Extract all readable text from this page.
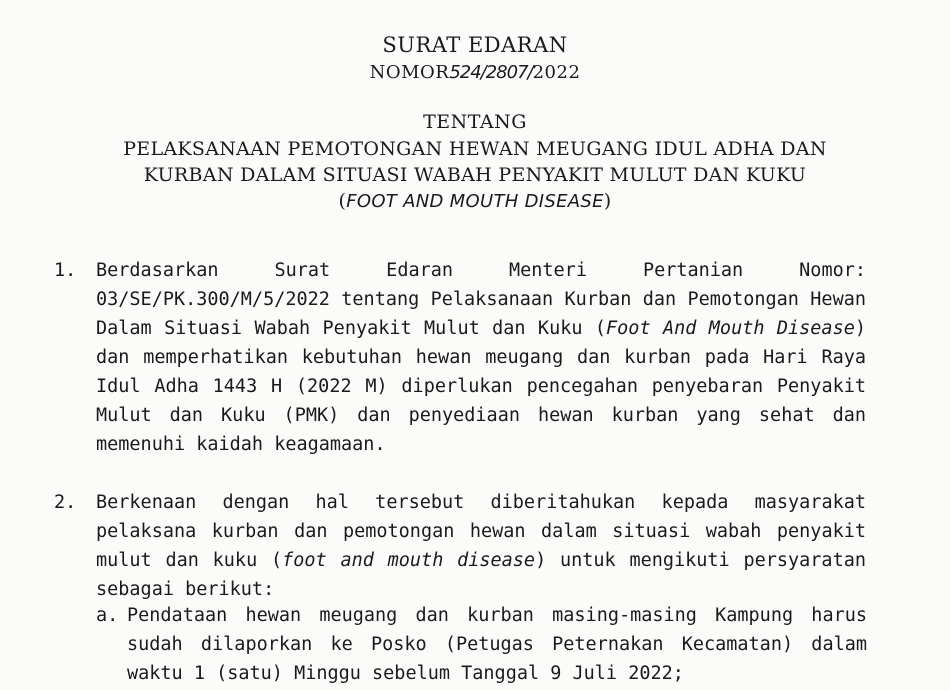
SURAT EDARAN
NOMOR524/2807/2022
TENTANG
PELAKSANAAN PEMOTONGAN HEWAN MEUGANG IDUL ADHA DAN
KURBAN DALAM SITUASI WABAH PENYAKIT MULUT DAN KUKU
(FOOT AND MOUTH DISEASE)
1. Berdasarkan Surat Edaran Menteri Pertanian Nomor: 03/SE/PK.300/M/5/2022 tentang Pelaksanaan Kurban dan Pemotongan Hewan Dalam Situasi Wabah Penyakit Mulut dan Kuku (Foot And Mouth Disease) dan memperhatikan kebutuhan hewan meugang dan kurban pada Hari Raya Idul Adha 1443 H (2022 M) diperlukan pencegahan penyebaran Penyakit Mulut dan Kuku (PMK) dan penyediaan hewan kurban yang sehat dan memenuhi kaidah keagamaan.
2. Berkenaan dengan hal tersebut diberitahukan kepada masyarakat pelaksana kurban dan pemotongan hewan dalam situasi wabah penyakit mulut dan kuku (foot and mouth disease) untuk mengikuti persyaratan sebagai berikut:
a. Pendataan hewan meugang dan kurban masing-masing Kampung harus sudah dilaporkan ke Posko (Petugas Peternakan Kecamatan) dalam waktu 1 (satu) Minggu sebelum Tanggal 9 Juli 2022;
